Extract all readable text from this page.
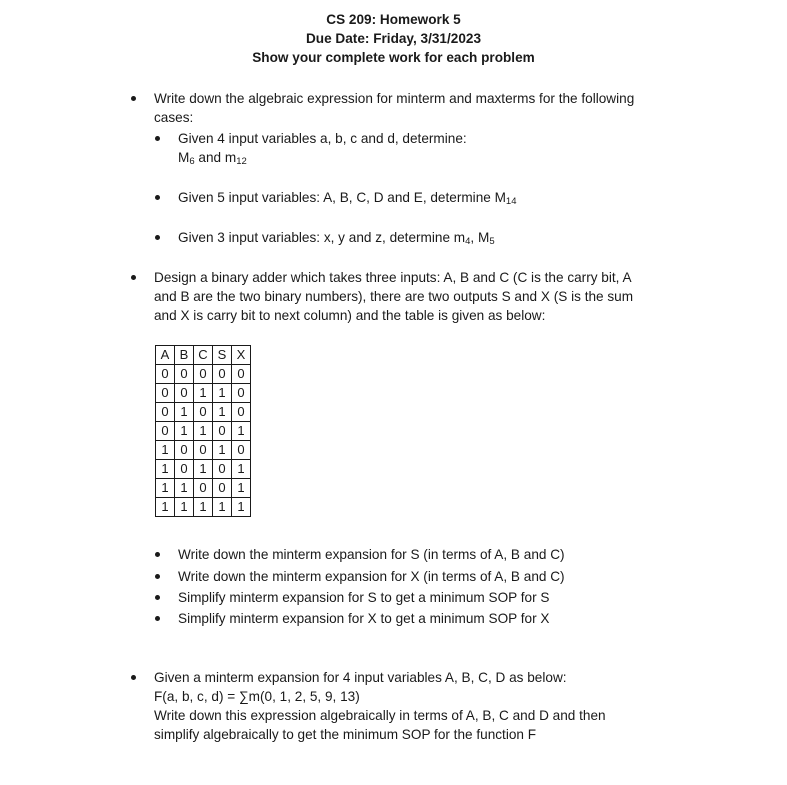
CS 209: Homework 5
Due Date: Friday, 3/31/2023
Show your complete work for each problem
Write down the algebraic expression for minterm and maxterms for the following
cases:
Given 4 input variables a, b, c and d, determine:
$M_6$ and $m_{12}$
Given 5 input variables: A, B, C, D and E, determine $M_{14}$
Given 3 input variables: x, y and z, determine $m_4$, $M_5$
Design a binary adder which takes three inputs: A, B and C (C is the carry bit, A
and B are the two binary numbers), there are two outputs S and X (S is the sum
and X is carry bit to next column) and the table is given as below:
A	B	C	S	X
0	0	0	0	0
0	0	1	1	0
0	1	0	1	0
0	1	1	0	1
1	0	0	1	0
1	0	1	0	1
1	1	0	0	1
1	1	1	1	1
Write down the minterm expansion for S (in terms of A, B and C)
Write down the minterm expansion for X (in terms of A, B and C)
Simplify minterm expansion for S to get a minimum SOP for S
Simplify minterm expansion for X to get a minimum SOP for X
Given a minterm expansion for 4 input variables A, B, C, D as below:
F(a, b, c, d) = ∑m(0, 1, 2, 5, 9, 13)
Write down this expression algebraically in terms of A, B, C and D and then
simplify algebraically to get the minimum SOP for the function F
